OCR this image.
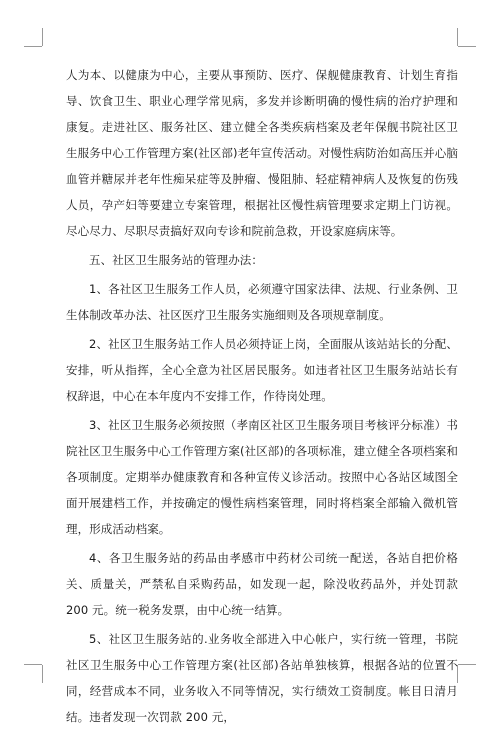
人为本、以健康为中心，主要从事预防、医疗、保舰健康教育、计划生育指导、饮食卫生、职业心理学常见病，多发并诊断明确的慢性病的治疗护理和康复。走进社区、服务社区、建立健全各类疾病档案及老年保舰书院社区卫生服务中心工作管理方案(社区部)老年宣传活动。对慢性病防治如高压并心脑血管并糖尿并老年性痴呆症等及肿瘤、慢阻肺、轻症精神病人及恢复的伤残人员，孕产妇等要建立专案管理，根据社区慢性病管理要求定期上门访视。尽心尽力、尽职尽责搞好双向专诊和院前急救，开设家庭病床等。

五、社区卫生服务站的管理办法：

1、各社区卫生服务工作人员，必须遵守国家法律、法规、行业条例、卫生体制改革办法、社区医疗卫生服务实施细则及各项规章制度。

2、社区卫生服务站工作人员必须持证上岗，全面服从该站站长的分配、安排，听从指挥，全心全意为社区居民服务。如违者社区卫生服务站站长有权辞退，中心在本年度内不安排工作，作待岗处理。

3、社区卫生服务必须按照（孝南区社区卫生服务项目考核评分标准）书院社区卫生服务中心工作管理方案(社区部)的各项标准，建立健全各项档案和各项制度。定期举办健康教育和各种宣传义诊活动。按照中心各站区域图全面开展建档工作，并按确定的慢性病档案管理，同时将档案全部输入微机管理，形成活动档案。

4、各卫生服务站的药品由孝感市中药材公司统一配送，各站自把价格关、质量关，严禁私自采购药品，如发现一起，除没收药品外，并处罚款 200 元。统一税务发票，由中心统一结算。

5、社区卫生服务站的.业务收全部进入中心帐户，实行统一管理，书院社区卫生服务中心工作管理方案(社区部)各站单独核算，根据各站的位置不同，经营成本不同，业务收入不同等情况，实行绩效工资制度。帐目日清月结。违者发现一次罚款 200 元，
